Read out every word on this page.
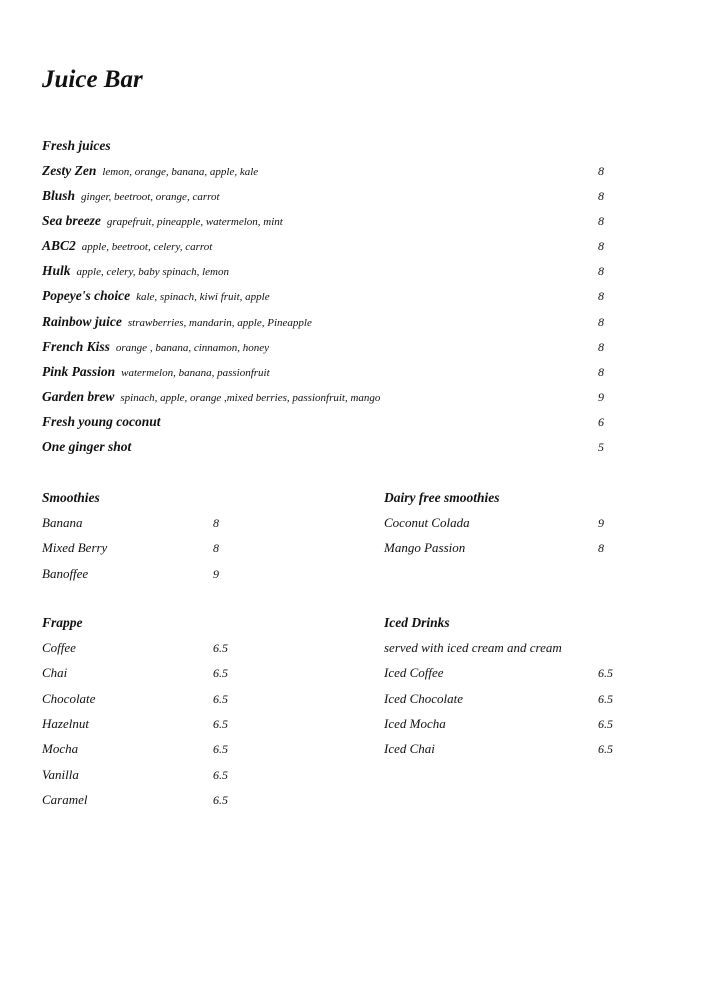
Juice Bar
Fresh juices
Zesty Zen lemon, orange, banana, apple, kale	8
Blush ginger, beetroot, orange, carrot	8
Sea breeze grapefruit, pineapple, watermelon, mint	8
ABC2 apple, beetroot, celery, carrot	8
Hulk apple, celery, baby spinach, lemon	8
Popeye's choice kale, spinach, kiwi fruit, apple	8
Rainbow juice strawberries, mandarin, apple, Pineapple	8
French Kiss orange , banana, cinnamon, honey	8
Pink Passion watermelon, banana, passionfruit	8
Garden brew spinach, apple, orange ,mixed berries, passionfruit, mango	9
Fresh young coconut	6
One ginger shot	5
Smoothies
Banana	8
Mixed Berry	8
Banoffee	9
Dairy free smoothies
Coconut Colada	9
Mango Passion	8
Frappe
Coffee	6.5
Chai	6.5
Chocolate	6.5
Hazelnut	6.5
Mocha	6.5
Vanilla	6.5
Caramel	6.5
Iced Drinks
served with iced cream and cream
Iced Coffee	6.5
Iced Chocolate	6.5
Iced Mocha	6.5
Iced Chai	6.5
